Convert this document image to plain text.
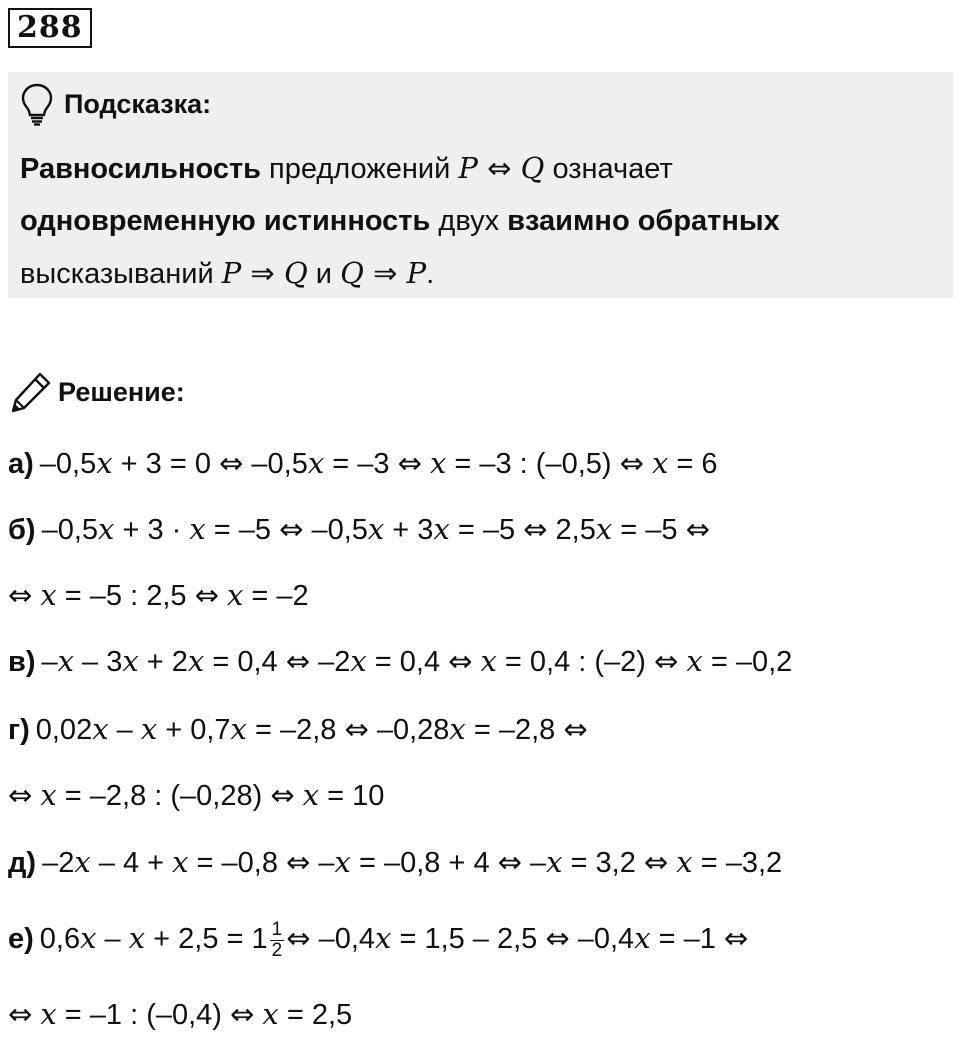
288
Подсказка:
Равносильность предложений P ⇔ Q означает
одновременную истинность двух взаимно обратных
высказываний P ⇒ Q и Q ⇒ P.
Решение:
а) –0,5x + 3 = 0 ⇔ –0,5x = –3 ⇔ x = –3 : (–0,5) ⇔ x = 6
б) –0,5x + 3 · x = –5 ⇔ –0,5x + 3x = –5 ⇔ 2,5x = –5 ⇔
⇔ x = –5 : 2,5 ⇔ x = –2
в) –x – 3x + 2x = 0,4 ⇔ –2x = 0,4 ⇔ x = 0,4 : (–2) ⇔ x = –0,2
г) 0,02x – x + 0,7x = –2,8 ⇔ –0,28x = –2,8 ⇔
⇔ x = –2,8 : (–0,28) ⇔ x = 10
д) –2x – 4 + x = –0,8 ⇔ –x = –0,8 + 4 ⇔ –x = 3,2 ⇔ x = –3,2
е) $0,6x - x + 2,5 = 1 \frac{1}{2}$ ⇔ –0,4x = 1,5 – 2,5 ⇔ –0,4x = –1 ⇔
⇔ x = –1 : (–0,4) ⇔ x = 2,5
